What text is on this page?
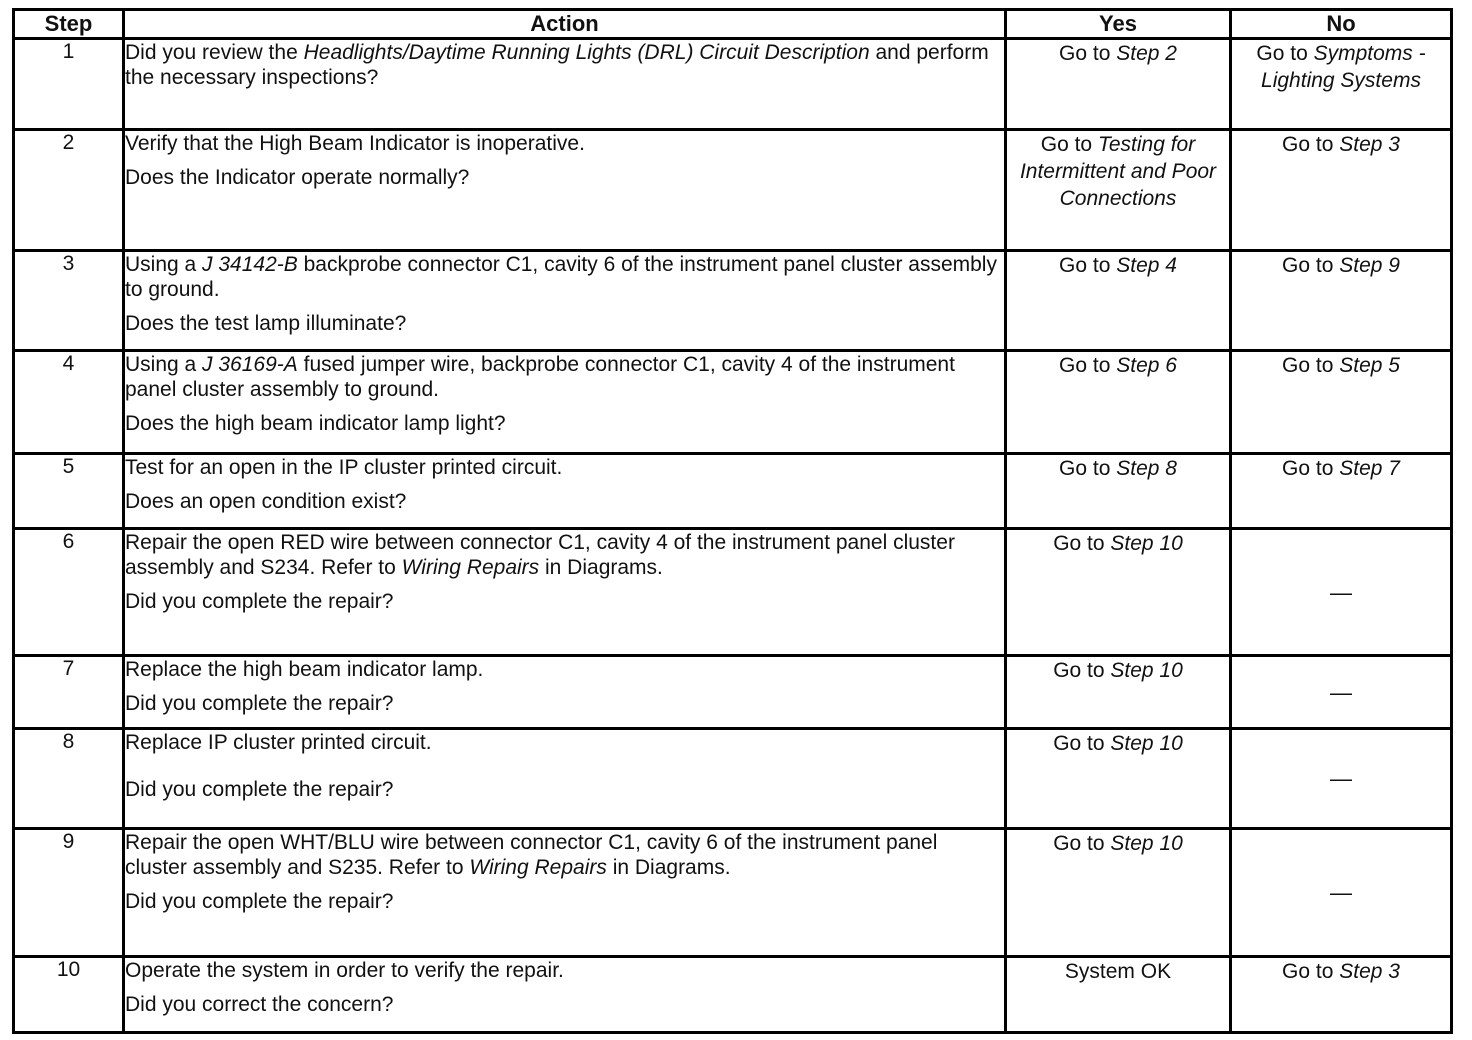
Step	Action	Yes	No
1	Did you review the Headlights/Daytime Running Lights (DRL) Circuit Description and perform the necessary inspections?	Go to Step 2	Go to Symptoms - Lighting Systems
2	Verify that the High Beam Indicator is inoperative.
Does the Indicator operate normally?	Go to Testing for Intermittent and Poor Connections	Go to Step 3
3	Using a J 34142-B backprobe connector C1, cavity 6 of the instrument panel cluster assembly to ground.
Does the test lamp illuminate?	Go to Step 4	Go to Step 9
4	Using a J 36169-A fused jumper wire, backprobe connector C1, cavity 4 of the instrument panel cluster assembly to ground.
Does the high beam indicator lamp light?	Go to Step 6	Go to Step 5
5	Test for an open in the IP cluster printed circuit.
Does an open condition exist?	Go to Step 8	Go to Step 7
6	Repair the open RED wire between connector C1, cavity 4 of the instrument panel cluster assembly and S234. Refer to Wiring Repairs in Diagrams.
Did you complete the repair?	Go to Step 10	—
7	Replace the high beam indicator lamp.
Did you complete the repair?	Go to Step 10	—
8	Replace IP cluster printed circuit.
Did you complete the repair?	Go to Step 10	—
9	Repair the open WHT/BLU wire between connector C1, cavity 6 of the instrument panel cluster assembly and S235. Refer to Wiring Repairs in Diagrams.
Did you complete the repair?	Go to Step 10	—
10	Operate the system in order to verify the repair.
Did you correct the concern?	System OK	Go to Step 3
